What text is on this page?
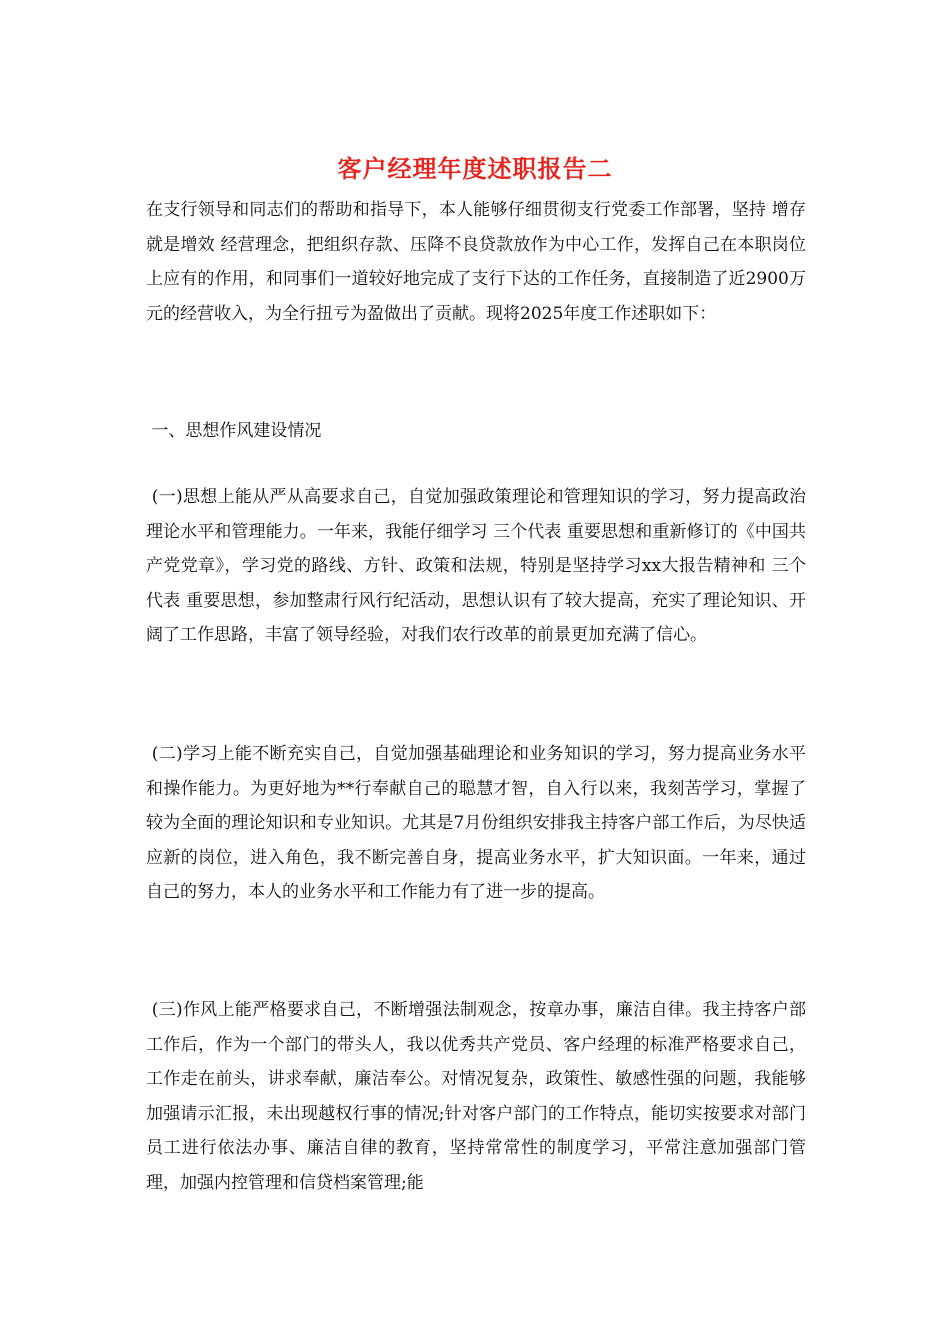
客户经理年度述职报告二
在支行领导和同志们的帮助和指导下，本人能够仔细贯彻支行党委工作部署，坚持 增存就是增效 经营理念，把组织存款、压降不良贷款放作为中心工作，发挥自己在本职岗位上应有的作用，和同事们一道较好地完成了支行下达的工作任务，直接制造了近2900万元的经营收入，为全行扭亏为盈做出了贡献。现将2025年度工作述职如下：
一、思想作风建设情况
(一)思想上能从严从高要求自己，自觉加强政策理论和管理知识的学习，努力提高政治理论水平和管理能力。一年来，我能仔细学习 三个代表 重要思想和重新修订的《中国共产党党章》，学习党的路线、方针、政策和法规，特别是坚持学习xx大报告精神和 三个代表 重要思想，参加整肃行风行纪活动，思想认识有了较大提高，充实了理论知识、开阔了工作思路，丰富了领导经验，对我们农行改革的前景更加充满了信心。
(二)学习上能不断充实自己，自觉加强基础理论和业务知识的学习，努力提高业务水平和操作能力。为更好地为**行奉献自己的聪慧才智，自入行以来，我刻苦学习，掌握了较为全面的理论知识和专业知识。尤其是7月份组织安排我主持客户部工作后，为尽快适应新的岗位，进入角色，我不断完善自身，提高业务水平，扩大知识面。一年来，通过自己的努力，本人的业务水平和工作能力有了进一步的提高。
(三)作风上能严格要求自己，不断增强法制观念，按章办事，廉洁自律。我主持客户部工作后，作为一个部门的带头人，我以优秀共产党员、客户经理的标准严格要求自己，工作走在前头，讲求奉献，廉洁奉公。对情况复杂，政策性、敏感性强的问题，我能够加强请示汇报，未出现越权行事的情况;针对客户部门的工作特点，能切实按要求对部门员工进行依法办事、廉洁自律的教育，坚持常常性的制度学习，平常注意加强部门管理，加强内控管理和信贷档案管理;能
